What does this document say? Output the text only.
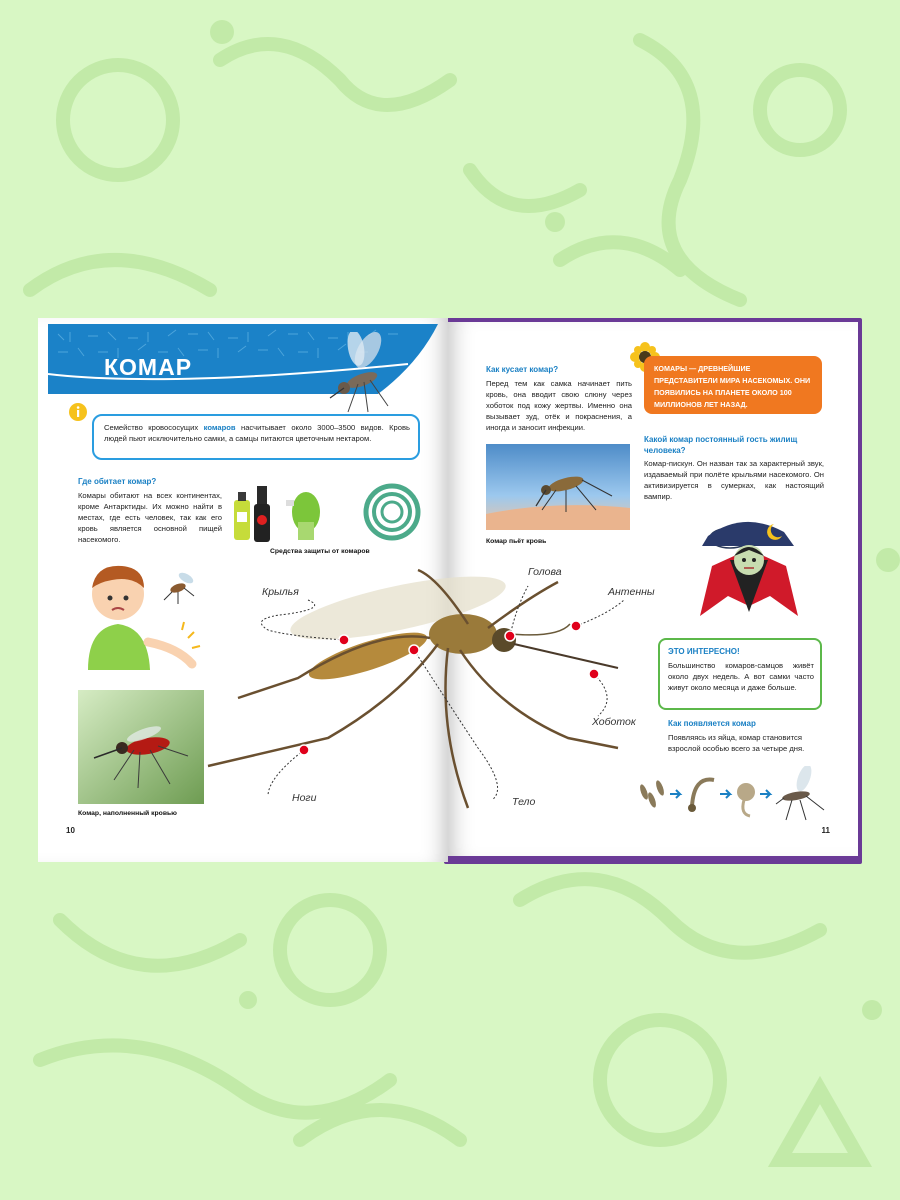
КОМАР
Семейство кровососущих комаров насчитывает около 3000–3500 видов. Кровь людей пьют исключительно самки, а самцы питаются цветочным нектаром.
Где обитает комар?
Комары обитают на всех континентах, кроме Антарктиды. Их можно найти в местах, где есть человек, так как его кровь является основной пищей насекомого.
Средства защиты от комаров
Комар, наполненный кровью
10
Как кусает комар?
Перед тем как самка начинает пить кровь, она вводит свою слюну через хоботок под кожу жертвы. Именно она вызывает зуд, отёк и покраснения, а иногда и заносит инфекции.
Комар пьёт кровь
КОМАРЫ — ДРЕВНЕЙШИЕ ПРЕДСТАВИТЕЛИ МИРА НАСЕКОМЫХ. ОНИ ПОЯВИЛИСЬ НА ПЛАНЕТЕ ОКОЛО 100 МИЛЛИОНОВ ЛЕТ НАЗАД.
Какой комар постоянный гость жилищ человека?
Комар-пискун. Он назван так за характерный звук, издаваемый при полёте крыльями насекомого. Он активизируется в сумерках, как настоящий вампир.
ЭТО ИНТЕРЕСНО!
Большинство комаров-самцов живёт около двух недель. А вот самки часто живут около месяца и даже больше.
Как появляется комар
Появляясь из яйца, комар становится взрослой особью всего за четыре дня.
11
Крылья
Голова
Антенны
Хоботок
Ноги	Тело
